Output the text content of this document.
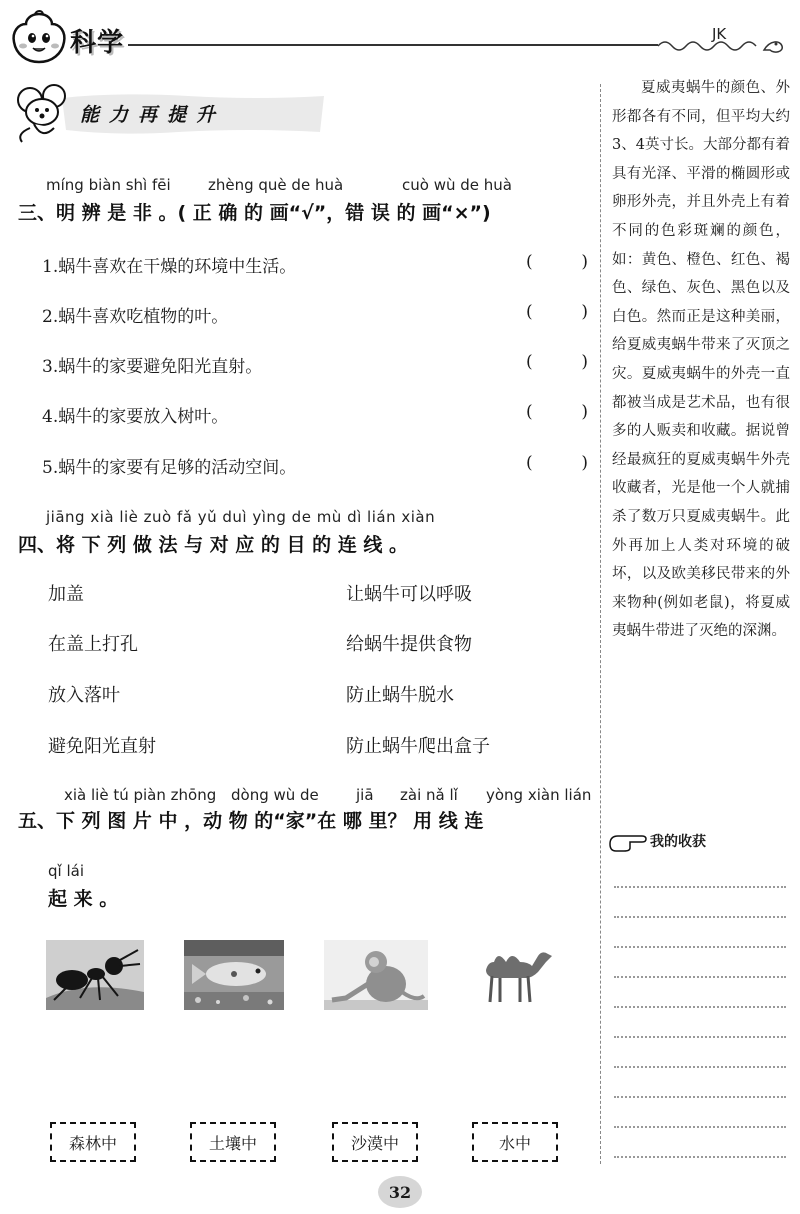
科学	JK
能力再提升
míng biàn shì fēi zhèng què de huà	cuò wù de huà
三、明 辨 是 非 。( 正 确 的 画“√”，错 误 的 画“×”)
1.蜗牛喜欢在干燥的环境中生活。	(	)
2.蜗牛喜欢吃植物的叶。	(	)
3.蜗牛的家要避免阳光直射。	(	)
4.蜗牛的家要放入树叶。	(	)
5.蜗牛的家要有足够的活动空间。	(	)
jiāng xià liè zuò fǎ yǔ duì yìng de mù dì lián xiàn
四、将 下 列 做 法 与 对 应 的 目 的 连 线 。
加盖
在盖上打孔
放入落叶
避免阳光直射
让蜗牛可以呼吸
给蜗牛提供食物
防止蜗牛脱水
防止蜗牛爬出盒子
xià liè tú piàn zhōng dòng wù de jiā zài nǎ lǐ yòng xiàn lián
五、下 列 图 片 中 ，动 物 的“家”在 哪 里？ 用 线 连
qǐ lái
起 来 。
森林中	土壤中	沙漠中	水中
32
夏威夷蜗牛的颜色、外形都各有不同，但平均大约3、4英寸长。大部分都有着具有光泽、平滑的椭圆形或卵形外壳，并且外壳上有着不同的色彩斑斓的颜色，如：黄色、橙色、红色、褐色、绿色、灰色、黑色以及白色。然而正是这种美丽，给夏威夷蜗牛带来了灭顶之灾。夏威夷蜗牛的外壳一直都被当成是艺术品，也有很多的人贩卖和收藏。据说曾经最疯狂的夏威夷蜗牛外壳收藏者，光是他一个人就捕杀了数万只夏威夷蜗牛。此外再加上人类对环境的破坏，以及欧美移民带来的外来物种(例如老鼠)，将夏威夷蜗牛带进了灭绝的深渊。
我的收获
